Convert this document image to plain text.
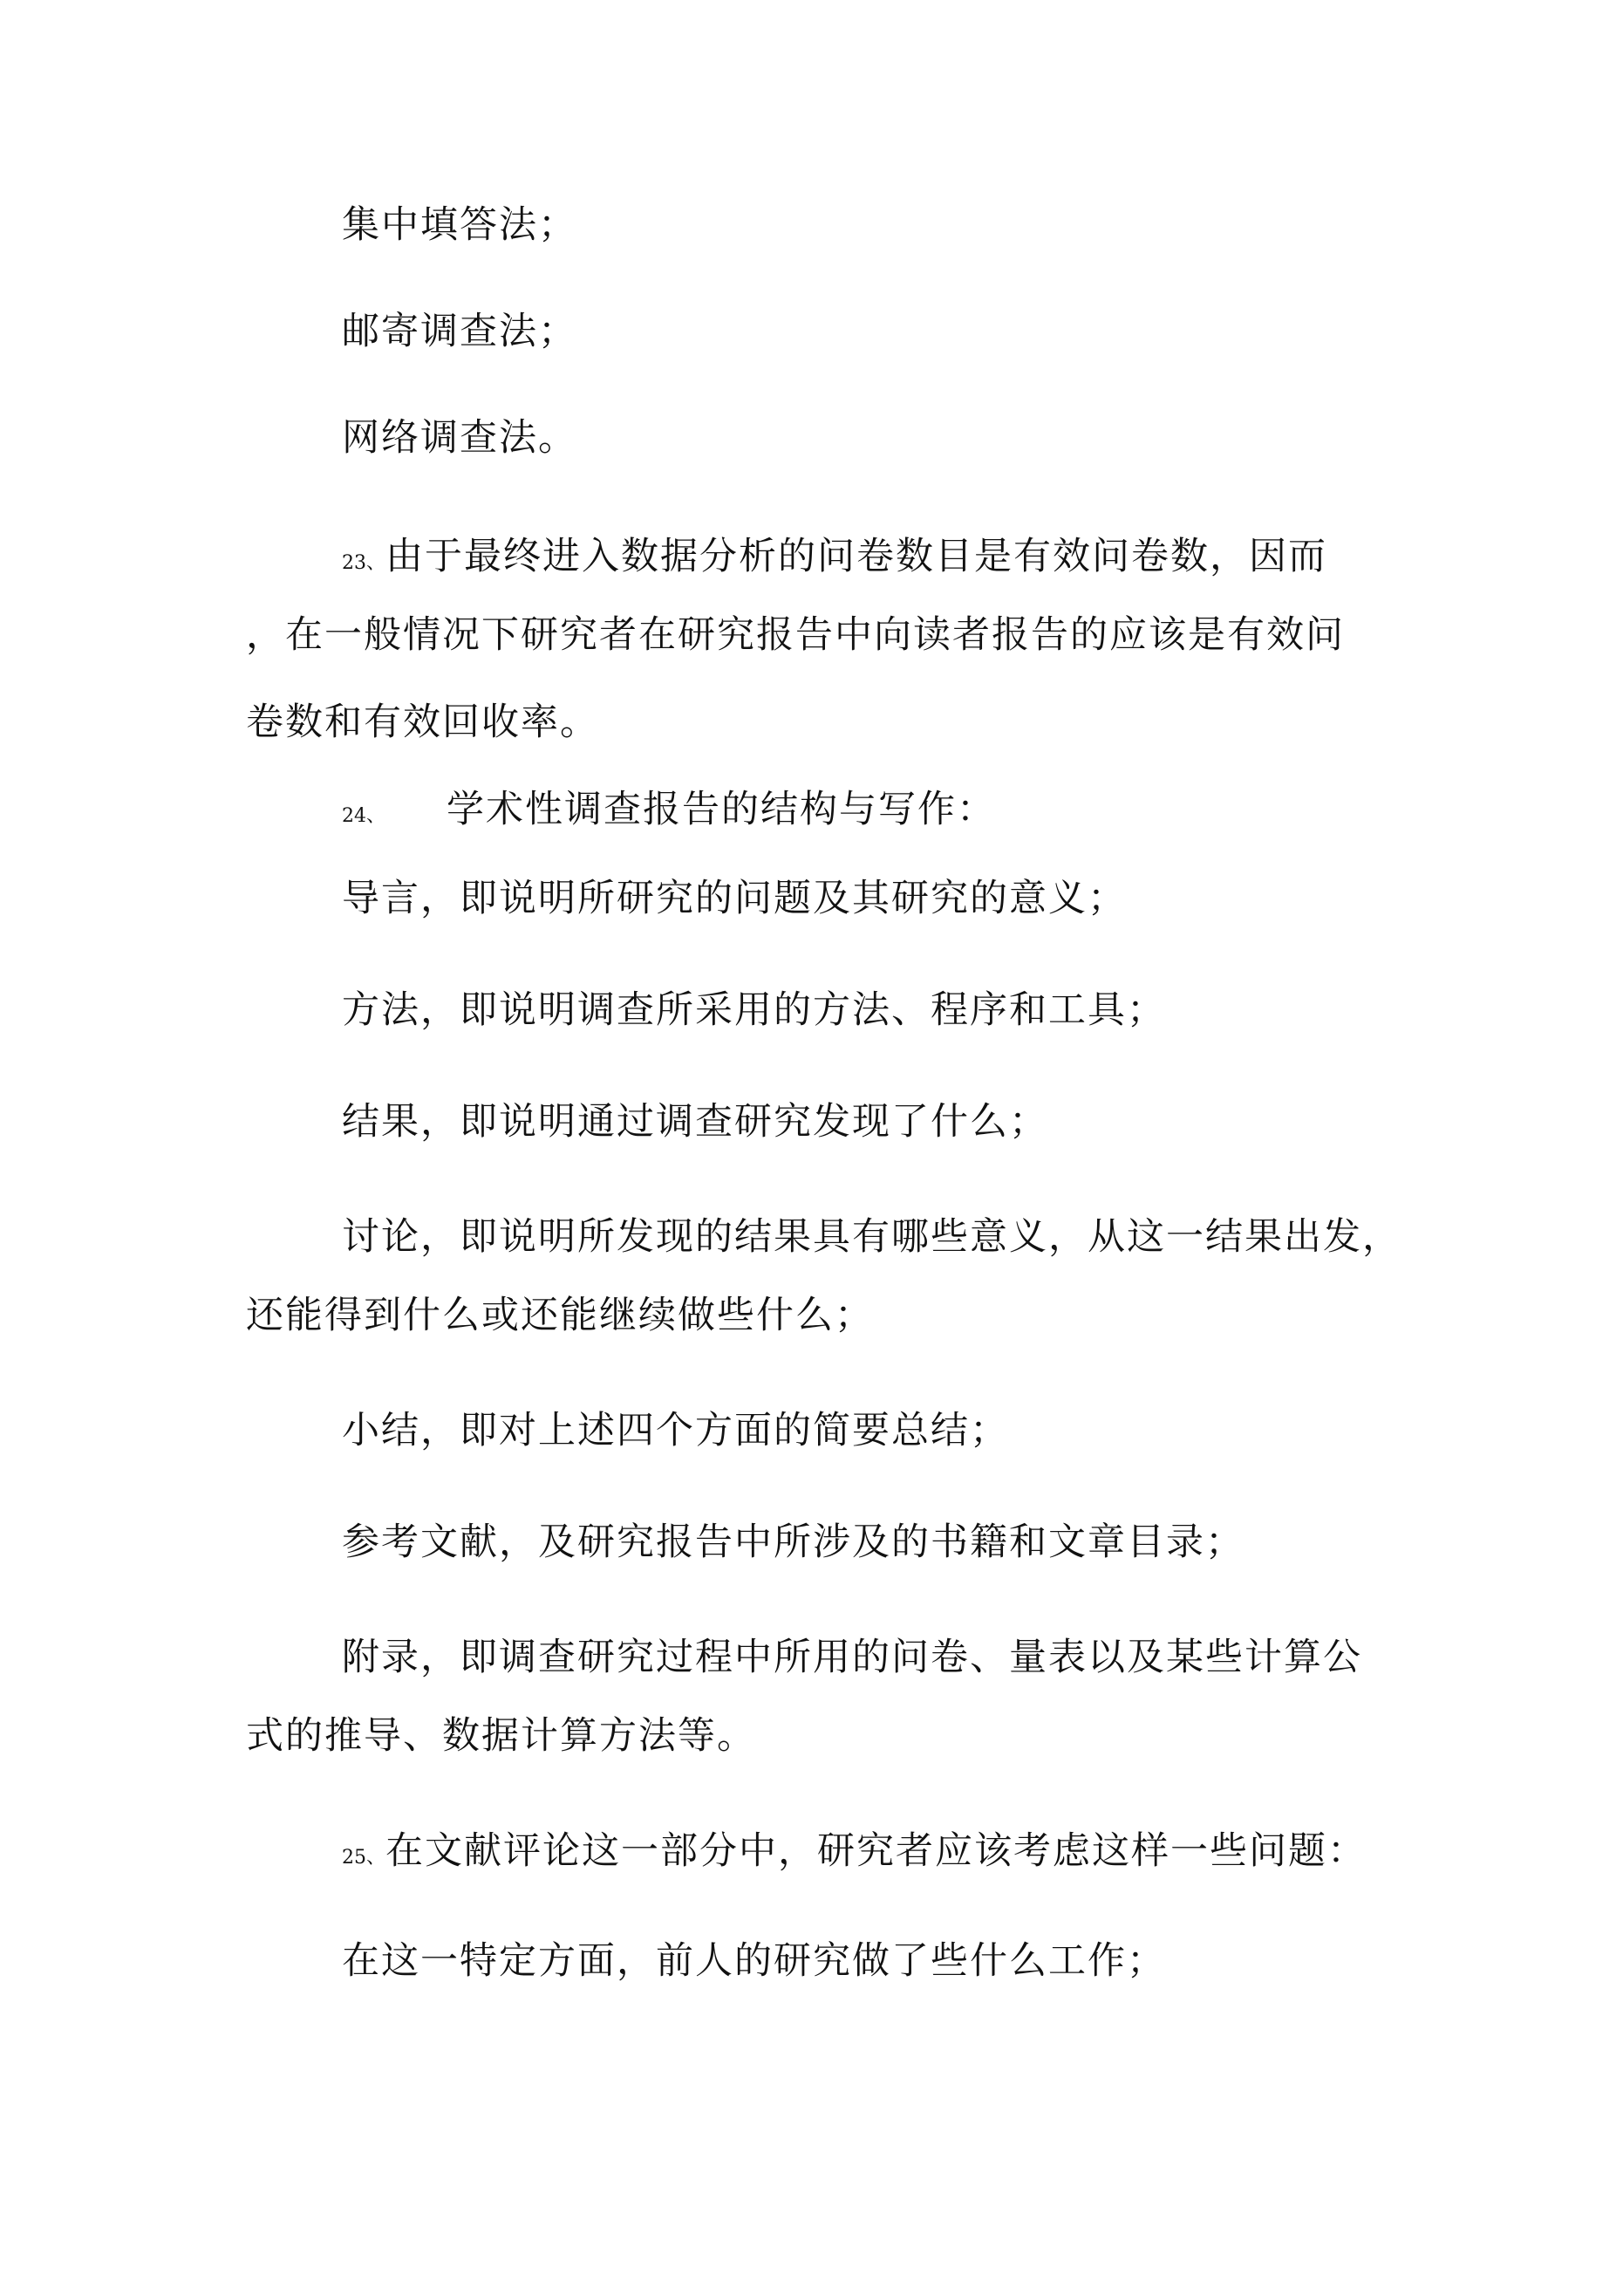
集中填答法；
邮寄调查法；
网络调查法。
23、由于最终进入数据分析的问卷数目是有效问卷数，因而
，在一般情况下研究者在研究报告中向读者报告的应该是有效问
卷数和有效回收率。
24、 学术性调查报告的结构与写作：
导言，即说明所研究的问题及其研究的意义；
方法，即说明调查所采用的方法、程序和工具；
结果，即说明通过调查研究发现了什么；
讨论，即说明所发现的结果具有哪些意义，从这一结果出发，
还能得到什么或还能继续做些什么；
小结，即对上述四个方面的简要总结；
参考文献，及研究报告中所涉及的书籍和文章目录；
附录，即调查研究过程中所用的问卷、量表以及某些计算公
式的推导、数据计算方法等。
25、在文献评论这一部分中，研究者应该考虑这样一些问题：
在这一特定方面，前人的研究做了些什么工作；
